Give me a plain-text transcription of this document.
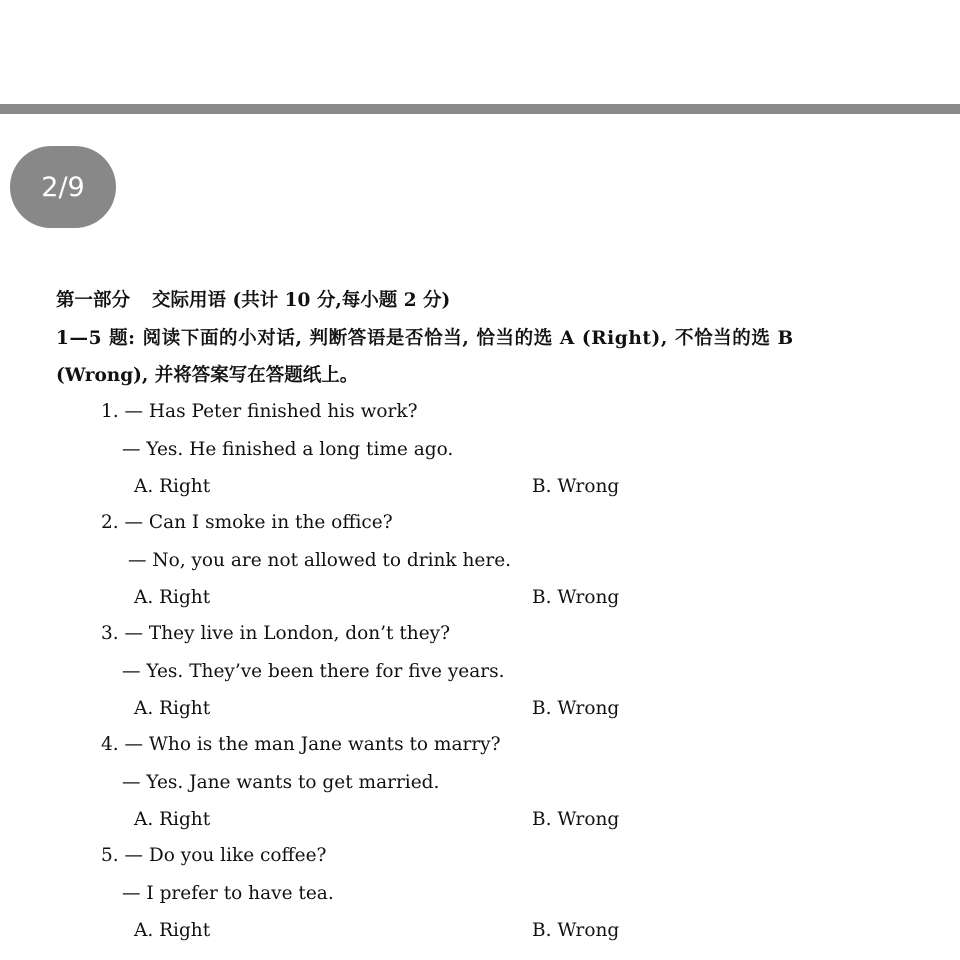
2/9
第一部分 交际用语 (共计 10 分,每小题 2 分)
1—5 题: 阅读下面的小对话, 判断答语是否恰当, 恰当的选 A (Right), 不恰当的选 B
(Wrong), 并将答案写在答题纸上。
1. — Has Peter finished his work?
— Yes. He finished a long time ago.
A. Right	B. Wrong
2. — Can I smoke in the office?
— No, you are not allowed to drink here.
A. Right	B. Wrong
3. — They live in London, don’t they?
— Yes. They’ve been there for five years.
A. Right	B. Wrong
4. — Who is the man Jane wants to marry?
— Yes. Jane wants to get married.
A. Right	B. Wrong
5. — Do you like coffee?
— I prefer to have tea.
A. Right	B. Wrong
